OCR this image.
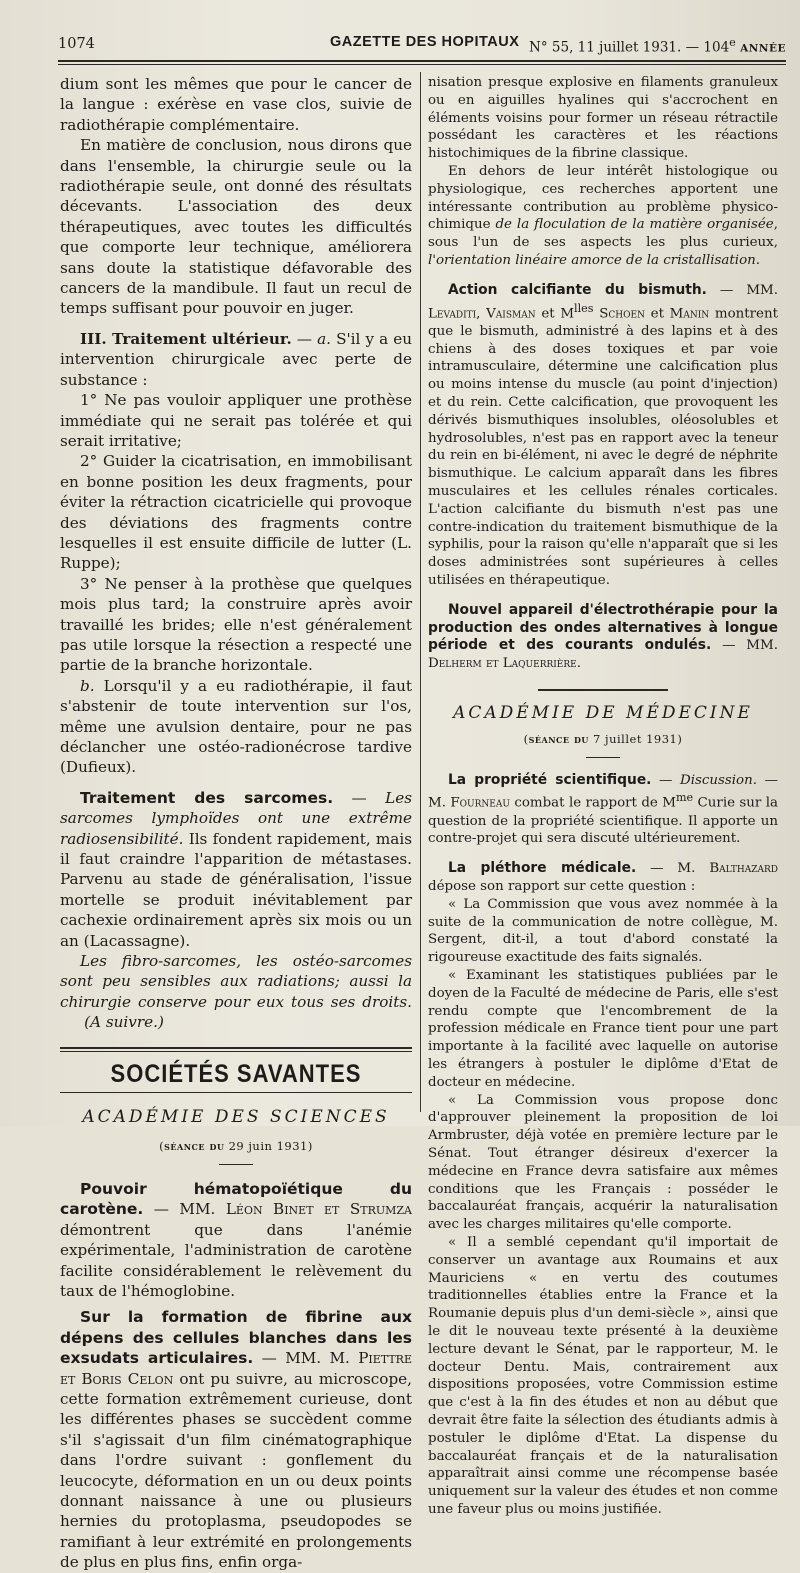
1074	GAZETTE DES HOPITAUX N° 55, 11 juillet 1931. — 104e ANNÉE

dium sont les mêmes que pour le cancer de la langue : exérèse en vase clos, suivie de radiothérapie complémentaire.

En matière de conclusion, nous dirons que dans l'ensemble, la chirurgie seule ou la radiothérapie seule, ont donné des résultats décevants. L'association des deux thérapeutiques, avec toutes les difficultés que comporte leur technique, améliorera sans doute la statistique défavorable des cancers de la mandibule. Il faut un recul de temps suffisant pour pouvoir en juger.

III. Traitement ultérieur. — a. S'il y a eu intervention chirurgicale avec perte de substance :

1° Ne pas vouloir appliquer une prothèse immédiate qui ne serait pas tolérée et qui serait irritative;

2° Guider la cicatrisation, en immobilisant en bonne position les deux fragments, pour éviter la rétraction cicatricielle qui provoque des déviations des fragments contre lesquelles il est ensuite difficile de lutter (L. Ruppe);

3° Ne penser à la prothèse que quelques mois plus tard; la construire après avoir travaillé les brides; elle n'est généralement pas utile lorsque la résection a respecté une partie de la branche horizontale.

b. Lorsqu'il y a eu radiothérapie, il faut s'abstenir de toute intervention sur l'os, même une avulsion dentaire, pour ne pas déclancher une ostéo-radionécrose tardive (Dufieux).

Traitement des sarcomes. — Les sarcomes lymphoïdes ont une extrême radiosensibilité. Ils fondent rapidement, mais il faut craindre l'apparition de métastases. Parvenu au stade de généralisation, l'issue mortelle se produit inévitablement par cachexie ordinairement après six mois ou un an (Lacassagne).

Les fibro-sarcomes, les ostéo-sarcomes sont peu sensibles aux radiations; aussi la chirurgie conserve pour eux tous ses droits.      (A suivre.)

SOCIÉTÉS SAVANTES
ACADÉMIE DES SCIENCES
(séance du 29 juin 1931)

Pouvoir hématopoïétique du carotène. — MM. Léon Binet et Strumza démontrent que dans l'anémie expérimentale, l'administration de carotène facilite considérablement le relèvement du taux de l'hémoglobine.

Sur la formation de fibrine aux dépens des cellules blanches dans les exsudats articulaires. — MM. M. Piettre et Boris Celon ont pu suivre, au microscope, cette formation extrêmement curieuse, dont les différentes phases se succèdent comme s'il s'agissait d'un film cinématographique dans l'ordre suivant : gonflement du leucocyte, déformation en un ou deux points donnant naissance à une ou plusieurs hernies du protoplasma, pseudopodes se ramifiant à leur extrémité en prolongements de plus en plus fins, enfin orga-

nisation presque explosive en filaments granuleux ou en aiguilles hyalines qui s'accrochent en éléments voisins pour former un réseau rétractile possédant les caractères et les réactions histochimiques de la fibrine classique.

En dehors de leur intérêt histologique ou physiologique, ces recherches apportent une intéressante contribution au problème physico-chimique de la floculation de la matière organisée, sous l'un de ses aspects les plus curieux, l'orientation linéaire amorce de la cristallisation.

Action calcifiante du bismuth. — MM. Levaditi, Vaisman et $M^{lles}$ Schoen et Manin montrent que le bismuth, administré à des lapins et à des chiens à des doses toxiques et par voie intramusculaire, détermine une calcification plus ou moins intense du muscle (au point d'injection) et du rein. Cette calcification, que provoquent les dérivés bismuthiques insolubles, oléosolubles et hydrosolubles, n'est pas en rapport avec la teneur du rein en bi-élément, ni avec le degré de néphrite bismuthique. Le calcium apparaît dans les fibres musculaires et les cellules rénales corticales. L'action calcifiante du bismuth n'est pas une contre-indication du traitement bismuthique de la syphilis, pour la raison qu'elle n'apparaît que si les doses administrées sont supérieures à celles utilisées en thérapeutique.

Nouvel appareil d'électrothérapie pour la production des ondes alternatives à longue période et des courants ondulés. — MM. Delherm et Laquerrière.

ACADÉMIE DE MÉDECINE
(séance du 7 juillet 1931)

La propriété scientifique. — Discussion. — M. Fourneau combat le rapport de $M^{me}$ Curie sur la question de la propriété scientifique. Il apporte un contre-projet qui sera discuté ultérieurement.

La pléthore médicale. — M. Balthazard dépose son rapport sur cette question :

« La Commission que vous avez nommée à la suite de la communication de notre collègue, M. Sergent, dit-il, a tout d'abord constaté la rigoureuse exactitude des faits signalés.

« Examinant les statistiques publiées par le doyen de la Faculté de médecine de Paris, elle s'est rendu compte que l'encombrement de la profession médicale en France tient pour une part importante à la facilité avec laquelle on autorise les étrangers à postuler le diplôme d'Etat de docteur en médecine.

« La Commission vous propose donc d'approuver pleinement la proposition de loi Armbruster, déjà votée en première lecture par le Sénat. Tout étranger désireux d'exercer la médecine en France devra satisfaire aux mêmes conditions que les Français : posséder le baccalauréat français, acquérir la naturalisation avec les charges militaires qu'elle comporte.

« Il a semblé cependant qu'il importait de conserver un avantage aux Roumains et aux Mauriciens « en vertu des coutumes traditionnelles établies entre la France et la Roumanie depuis plus d'un demi-siècle », ainsi que le dit le nouveau texte présenté à la deuxième lecture devant le Sénat, par le rapporteur, M. le docteur Dentu. Mais, contrairement aux dispositions proposées, votre Commission estime que c'est à la fin des études et non au début que devrait être faite la sélection des étudiants admis à postuler le diplôme d'Etat. La dispense du baccalauréat français et de la naturalisation apparaîtrait ainsi comme une récompense basée uniquement sur la valeur des études et non comme une faveur plus ou moins justifiée.
